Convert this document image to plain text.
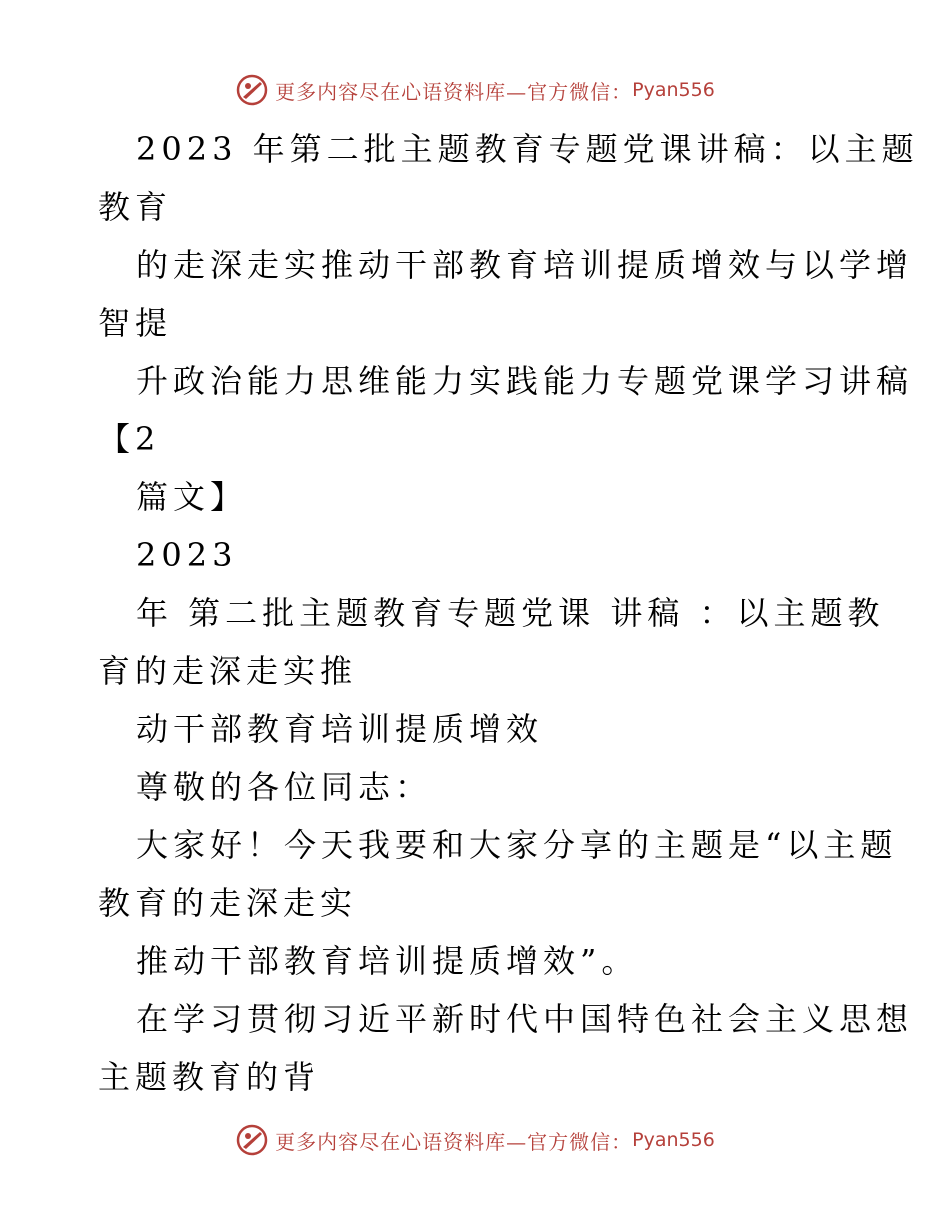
更多内容尽在心语资料库—官方微信： Pyan556
2023 年第二批主题教育专题党课讲稿：以主题
教育
的走深走实推动干部教育培训提质增效与以学增
智提
升政治能力思维能力实践能力专题党课学习讲稿
【2
篇文】
2023
年 第二批主题教育专题党课 讲稿 ：以主题教
育的走深走实推
动干部教育培训提质增效
尊敬的各位同志：
大家好！今天我要和大家分享的主题是“以主题
教育的走深走实
推动干部教育培训提质增效”。
在学习贯彻习近平新时代中国特色社会主义思想
主题教育的背
更多内容尽在心语资料库—官方微信： Pyan556
